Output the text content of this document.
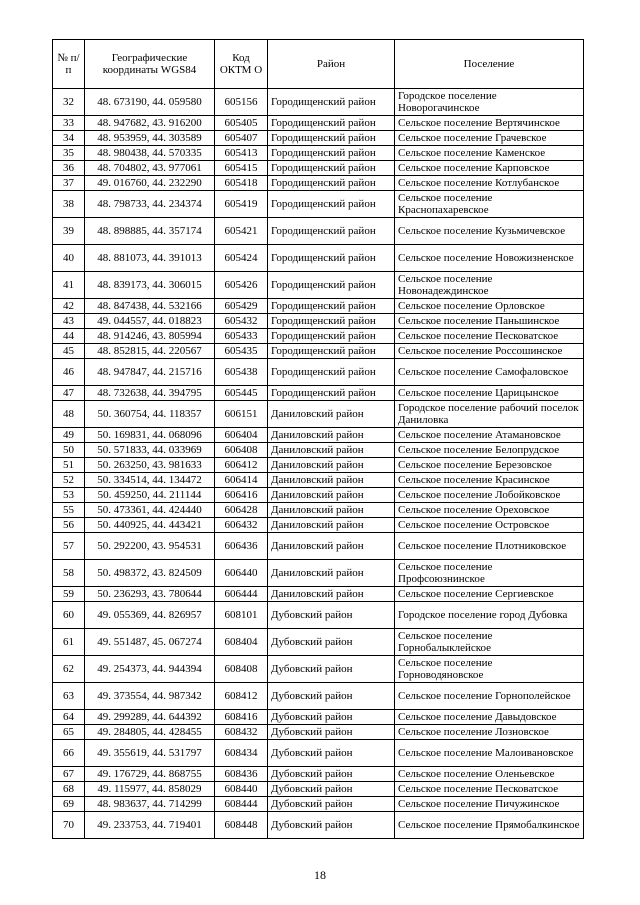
№ п/п	Географические координаты WGS84	Код ОКТМ О	Район	Поселение
32	48. 673190, 44. 059580	605156	Городищенский район	Городское поселение Новорогачинское
33	48. 947682, 43. 916200	605405	Городищенский район	Сельское поселение Вертячинское
34	48. 953959, 44. 303589	605407	Городищенский район	Сельское поселение Грачевское
35	48. 980438, 44. 570335	605413	Городищенский район	Сельское поселение Каменское
36	48. 704802, 43. 977061	605415	Городищенский район	Сельское поселение Карповское
37	49. 016760, 44. 232290	605418	Городищенский район	Сельское поселение Котлубанское
38	48. 798733, 44. 234374	605419	Городищенский район	Сельское поселение Краснопахаревское
39	48. 898885, 44. 357174	605421	Городищенский район	Сельское поселение Кузьмичевское
40	48. 881073, 44. 391013	605424	Городищенский район	Сельское поселение Новожизненское
41	48. 839173, 44. 306015	605426	Городищенский район	Сельское поселение Новонадеждинское
42	48. 847438, 44. 532166	605429	Городищенский район	Сельское поселение Орловское
43	49. 044557, 44. 018823	605432	Городищенский район	Сельское поселение Паньшинское
44	48. 914246, 43. 805994	605433	Городищенский район	Сельское поселение Песковатское
45	48. 852815, 44. 220567	605435	Городищенский район	Сельское поселение Россошинское
46	48. 947847, 44. 215716	605438	Городищенский район	Сельское поселение Самофаловское
47	48. 732638, 44. 394795	605445	Городищенский район	Сельское поселение Царицынское
48	50. 360754, 44. 118357	606151	Даниловский район	Городское поселение рабочий поселок Даниловка
49	50. 169831, 44. 068096	606404	Даниловский район	Сельское поселение Атамановское
50	50. 571833, 44. 033969	606408	Даниловский район	Сельское поселение Белопрудское
51	50. 263250, 43. 981633	606412	Даниловский район	Сельское поселение Березовское
52	50. 334514, 44. 134472	606414	Даниловский район	Сельское поселение Красинское
53	50. 459250, 44. 211144	606416	Даниловский район	Сельское поселение Лобойковское
55	50. 473361, 44. 424440	606428	Даниловский район	Сельское поселение Ореховское
56	50. 440925, 44. 443421	606432	Даниловский район	Сельское поселение Островское
57	50. 292200, 43. 954531	606436	Даниловский район	Сельское поселение Плотниковское
58	50. 498372, 43. 824509	606440	Даниловский район	Сельское поселение Профсоюзнинское
59	50. 236293, 43. 780644	606444	Даниловский район	Сельское поселение Сергиевское
60	49. 055369, 44. 826957	608101	Дубовский район	Городское поселение город Дубовка
61	49. 551487, 45. 067274	608404	Дубовский район	Сельское поселение Горнобалыклейское
62	49. 254373, 44. 944394	608408	Дубовский район	Сельское поселение Горноводяновское
63	49. 373554, 44. 987342	608412	Дубовский район	Сельское поселение Горнополейское
64	49. 299289, 44. 644392	608416	Дубовский район	Сельское поселение Давыдовское
65	49. 284805, 44. 428455	608432	Дубовский район	Сельское поселение Лозновское
66	49. 355619, 44. 531797	608434	Дубовский район	Сельское поселение Малоивановское
67	49. 176729, 44. 868755	608436	Дубовский район	Сельское поселение Оленьевское
68	49. 115977, 44. 858029	608440	Дубовский район	Сельское поселение Песковатское
69	48. 983637, 44. 714299	608444	Дубовский район	Сельское поселение Пичужинское
70	49. 233753, 44. 719401	608448	Дубовский район	Сельское поселение Прямобалкинское
18
